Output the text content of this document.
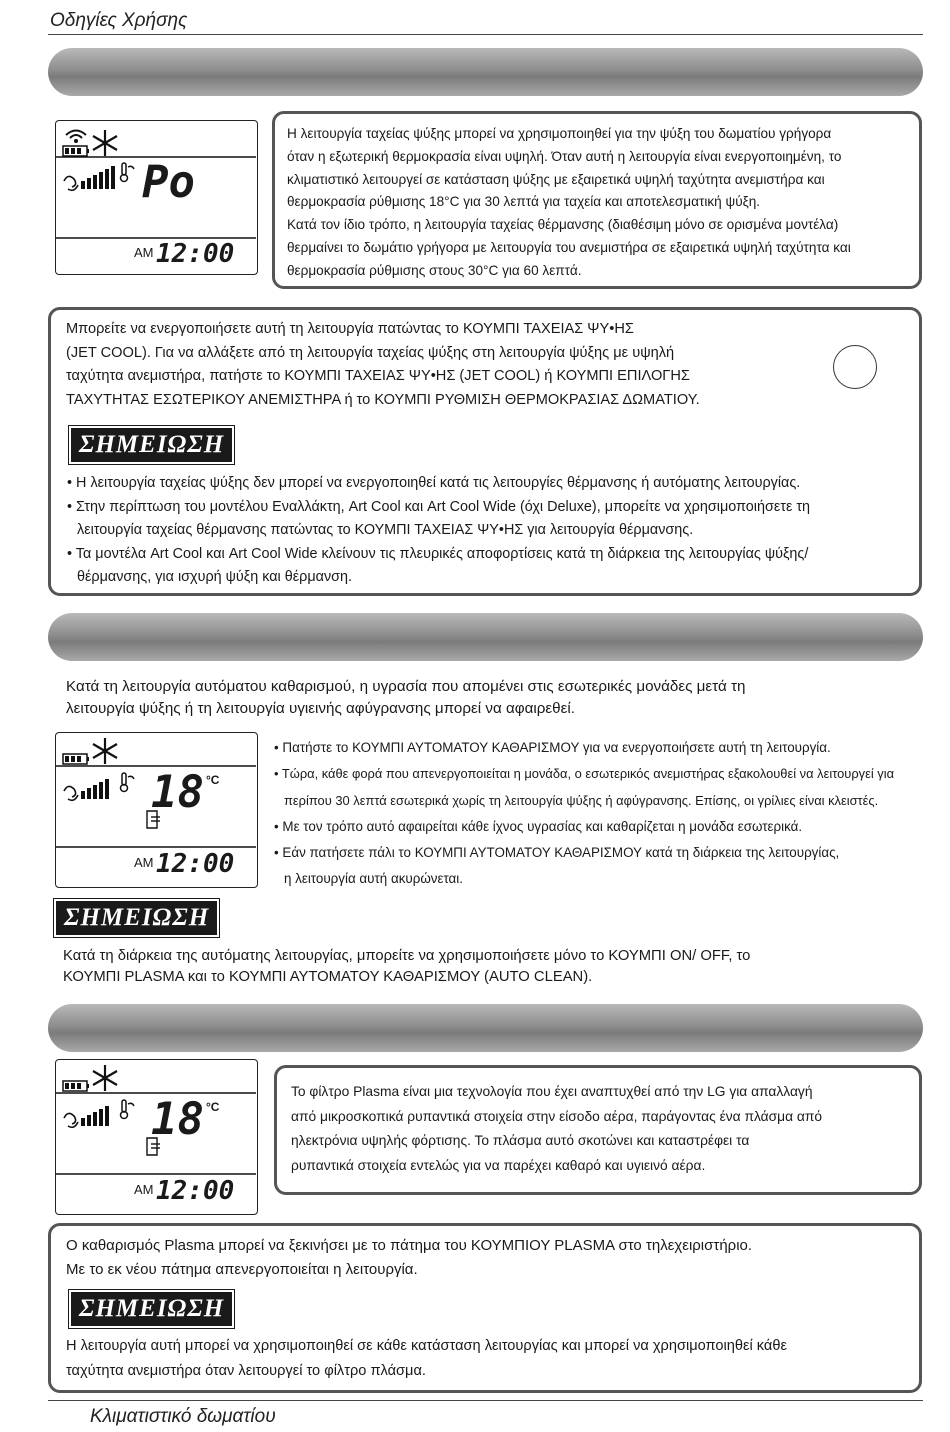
Οδηγίες Χρήσης
Po
AM 12:00
Η λειτουργία ταχείας ψύξης μπορεί να χρησιμοποιηθεί για την ψύξη του δωματίου γρήγορα
όταν η εξωτερική θερμοκρασία είναι υψηλή. Όταν αυτή η λειτουργία είναι ενεργοποιημένη, το
κλιματιστικό λειτουργεί σε κατάσταση ψύξης με εξαιρετικά υψηλή ταχύτητα ανεμιστήρα και
θερμοκρασία ρύθμισης 18°C για 30 λεπτά για ταχεία και αποτελεσματική ψύξη.
Κατά τον ίδιο τρόπο, η λειτουργία ταχείας θέρμανσης (διαθέσιμη μόνο σε ορισμένα μοντέλα)
θερμαίνει το δωμάτιο γρήγορα με λειτουργία του ανεμιστήρα σε εξαιρετικά υψηλή ταχύτητα και
θερμοκρασία ρύθμισης στους 30°C για 60 λεπτά.
Μπορείτε να ενεργοποιήσετε αυτή τη λειτουργία πατώντας το ΚΟΥΜΠΙ ΤΑΧΕΙΑΣ ΨΥ•ΗΣ
(JET COOL). Για να αλλάξετε από τη λειτουργία ταχείας ψύξης στη λειτουργία ψύξης με υψηλή
ταχύτητα ανεμιστήρα, πατήστε το ΚΟΥΜΠΙ ΤΑΧΕΙΑΣ ΨΥ•ΗΣ (JET COOL) ή ΚΟΥΜΠΙ ΕΠΙΛΟΓΗΣ
ΤΑΧΥΤΗΤΑΣ ΕΣΩΤΕΡΙΚΟΥ ΑΝΕΜΙΣΤΗΡΑ ή το ΚΟΥΜΠΙ ΡΥΘΜΙΣΗ ΘΕΡΜΟΚΡΑΣΙΑΣ ΔΩΜΑΤΙΟΥ.
ΣΗΜΕΙΩΣΗ
• Η λειτουργία ταχείας ψύξης δεν μπορεί να ενεργοποιηθεί κατά τις λειτουργίες θέρμανσης ή αυτόματης λειτουργίας.
• Στην περίπτωση του μοντέλου Εναλλάκτη, Art Cool και Art Cool Wide (όχι Deluxe), μπορείτε να χρησιμοποιήσετε τη
λειτουργία ταχείας θέρμανσης πατώντας το ΚΟΥΜΠΙ ΤΑΧΕΙΑΣ ΨΥ•ΗΣ για λειτουργία θέρμανσης.
• Τα μοντέλα Art Cool και Art Cool Wide κλείνουν τις πλευρικές αποφορτίσεις κατά τη διάρκεια της λειτουργίας ψύξης/
θέρμανσης, για ισχυρή ψύξη και θέρμανση.
Κατά τη λειτουργία αυτόματου καθαρισμού, η υγρασία που απομένει στις εσωτερικές μονάδες μετά τη
λειτουργία ψύξης ή τη λειτουργία υγιεινής αφύγρανσης μπορεί να αφαιρεθεί.
18 °C
AM 12:00
• Πατήστε το ΚΟΥΜΠΙ ΑΥΤΟΜΑΤΟΥ ΚΑΘΑΡΙΣΜΟΥ για να ενεργοποιήσετε αυτή τη λειτουργία.
• Τώρα, κάθε φορά που απενεργοποιείται η μονάδα, ο εσωτερικός ανεμιστήρας εξακολουθεί να λειτουργεί για
περίπου 30 λεπτά εσωτερικά χωρίς τη λειτουργία ψύξης ή αφύγρανσης. Επίσης, οι γρίλιες είναι κλειστές.
• Με τον τρόπο αυτό αφαιρείται κάθε ίχνος υγρασίας και καθαρίζεται η μονάδα εσωτερικά.
• Εάν πατήσετε πάλι το ΚΟΥΜΠΙ ΑΥΤΟΜΑΤΟΥ ΚΑΘΑΡΙΣΜΟΥ κατά τη διάρκεια της λειτουργίας,
η λειτουργία αυτή ακυρώνεται.
ΣΗΜΕΙΩΣΗ
Κατά τη διάρκεια της αυτόματης λειτουργίας, μπορείτε να χρησιμοποιήσετε μόνο το ΚΟΥΜΠΙ ON/ OFF, το
ΚΟΥΜΠΙ PLASMA και το ΚΟΥΜΠΙ ΑΥΤΟΜΑΤΟΥ ΚΑΘΑΡΙΣΜΟΥ (AUTO CLEAN).
18 °C
AM 12:00
Το φίλτρο Plasma είναι μια τεχνολογία που έχει αναπτυχθεί από την LG για απαλλαγή
από μικροσκοπικά ρυπαντικά στοιχεία στην είσοδο αέρα, παράγοντας ένα πλάσμα από
ηλεκτρόνια υψηλής φόρτισης. Το πλάσμα αυτό σκοτώνει και καταστρέφει τα
ρυπαντικά στοιχεία εντελώς για να παρέχει καθαρό και υγιεινό αέρα.
Ο καθαρισμός Plasma μπορεί να ξεκινήσει με το πάτημα του ΚΟΥΜΠΙΟΥ PLASMA στο τηλεχειριστήριο.
Με το εκ νέου πάτημα απενεργοποιείται η λειτουργία.
ΣΗΜΕΙΩΣΗ
Η λειτουργία αυτή μπορεί να χρησιμοποιηθεί σε κάθε κατάσταση λειτουργίας και μπορεί να χρησιμοποιηθεί κάθε
ταχύτητα ανεμιστήρα όταν λειτουργεί το φίλτρο πλάσμα.
Κλιματιστικό δωματίου
